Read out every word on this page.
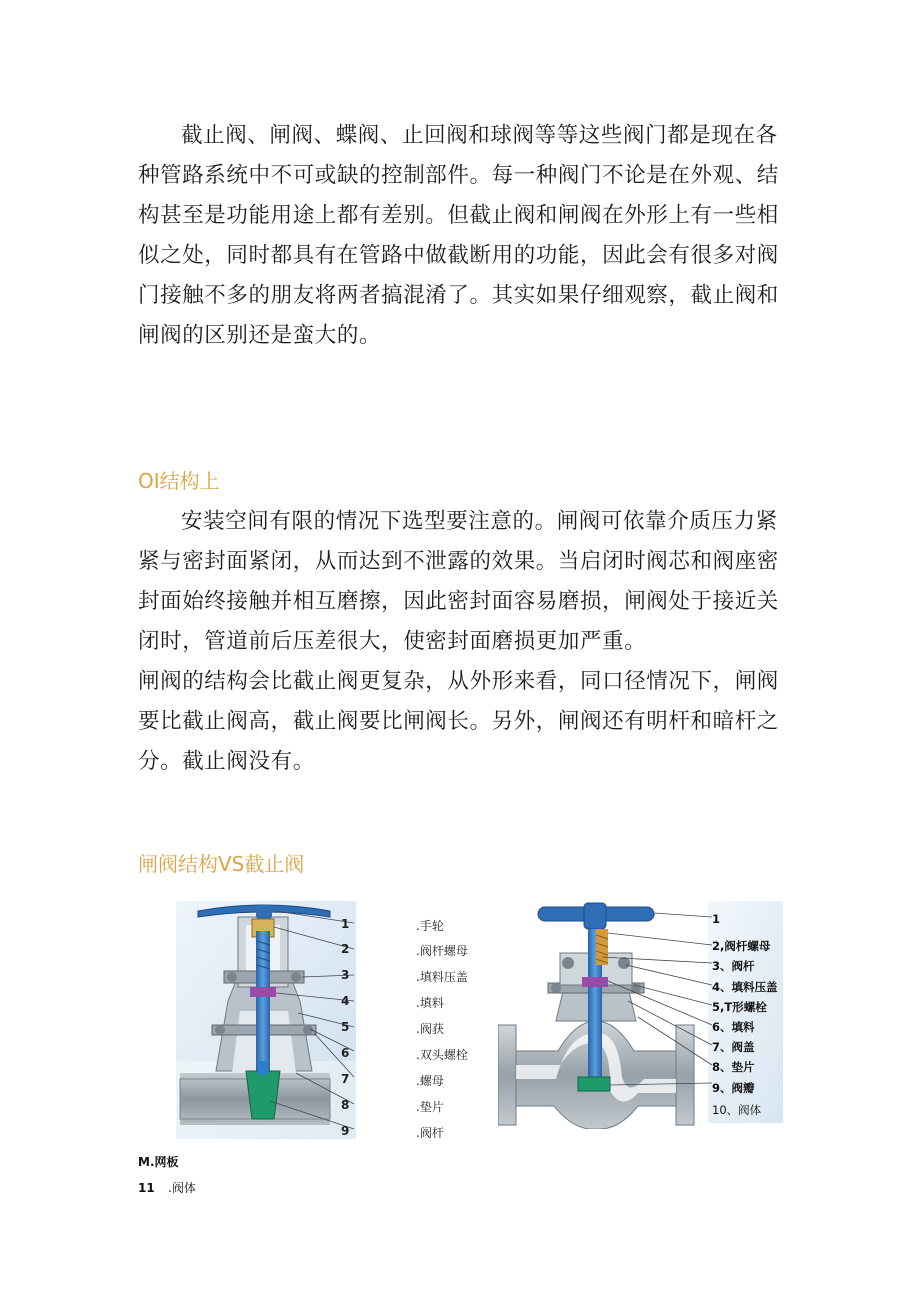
截止阀、闸阀、蝶阀、止回阀和球阀等等这些阀门都是现在各种管路系统中不可或缺的控制部件。每一种阀门不论是在外观、结构甚至是功能用途上都有差别。但截止阀和闸阀在外形上有一些相似之处，同时都具有在管路中做截断用的功能，因此会有很多对阀门接触不多的朋友将两者搞混淆了。其实如果仔细观察，截止阀和闸阀的区别还是蛮大的。

OI结构上

安装空间有限的情况下选型要注意的。闸阀可依靠介质压力紧紧与密封面紧闭，从而达到不泄露的效果。当启闭时阀芯和阀座密封面始终接触并相互磨擦，因此密封面容易磨损，闸阀处于接近关闭时，管道前后压差很大，使密封面磨损更加严重。

闸阀的结构会比截止阀更复杂，从外形来看，同口径情况下，闸阀要比截止阀高，截止阀要比闸阀长。另外，闸阀还有明杆和暗杆之分。截止阀没有。

闸阀结构VS截止阀
1	.手轮
2	.阀杆螺母
3	.填料压盖
4	.填料
5	.阀获
6	.双头螺栓
7	.螺母
8	.垫片
9	.阀杆
1
2,阀杆螺母
3、阀杆
4、填料压盖
5,T形螺栓
6、填料
7、阀盖
8、垫片
9、阀瓣
10、阀体
M.网板
11 .阀体
